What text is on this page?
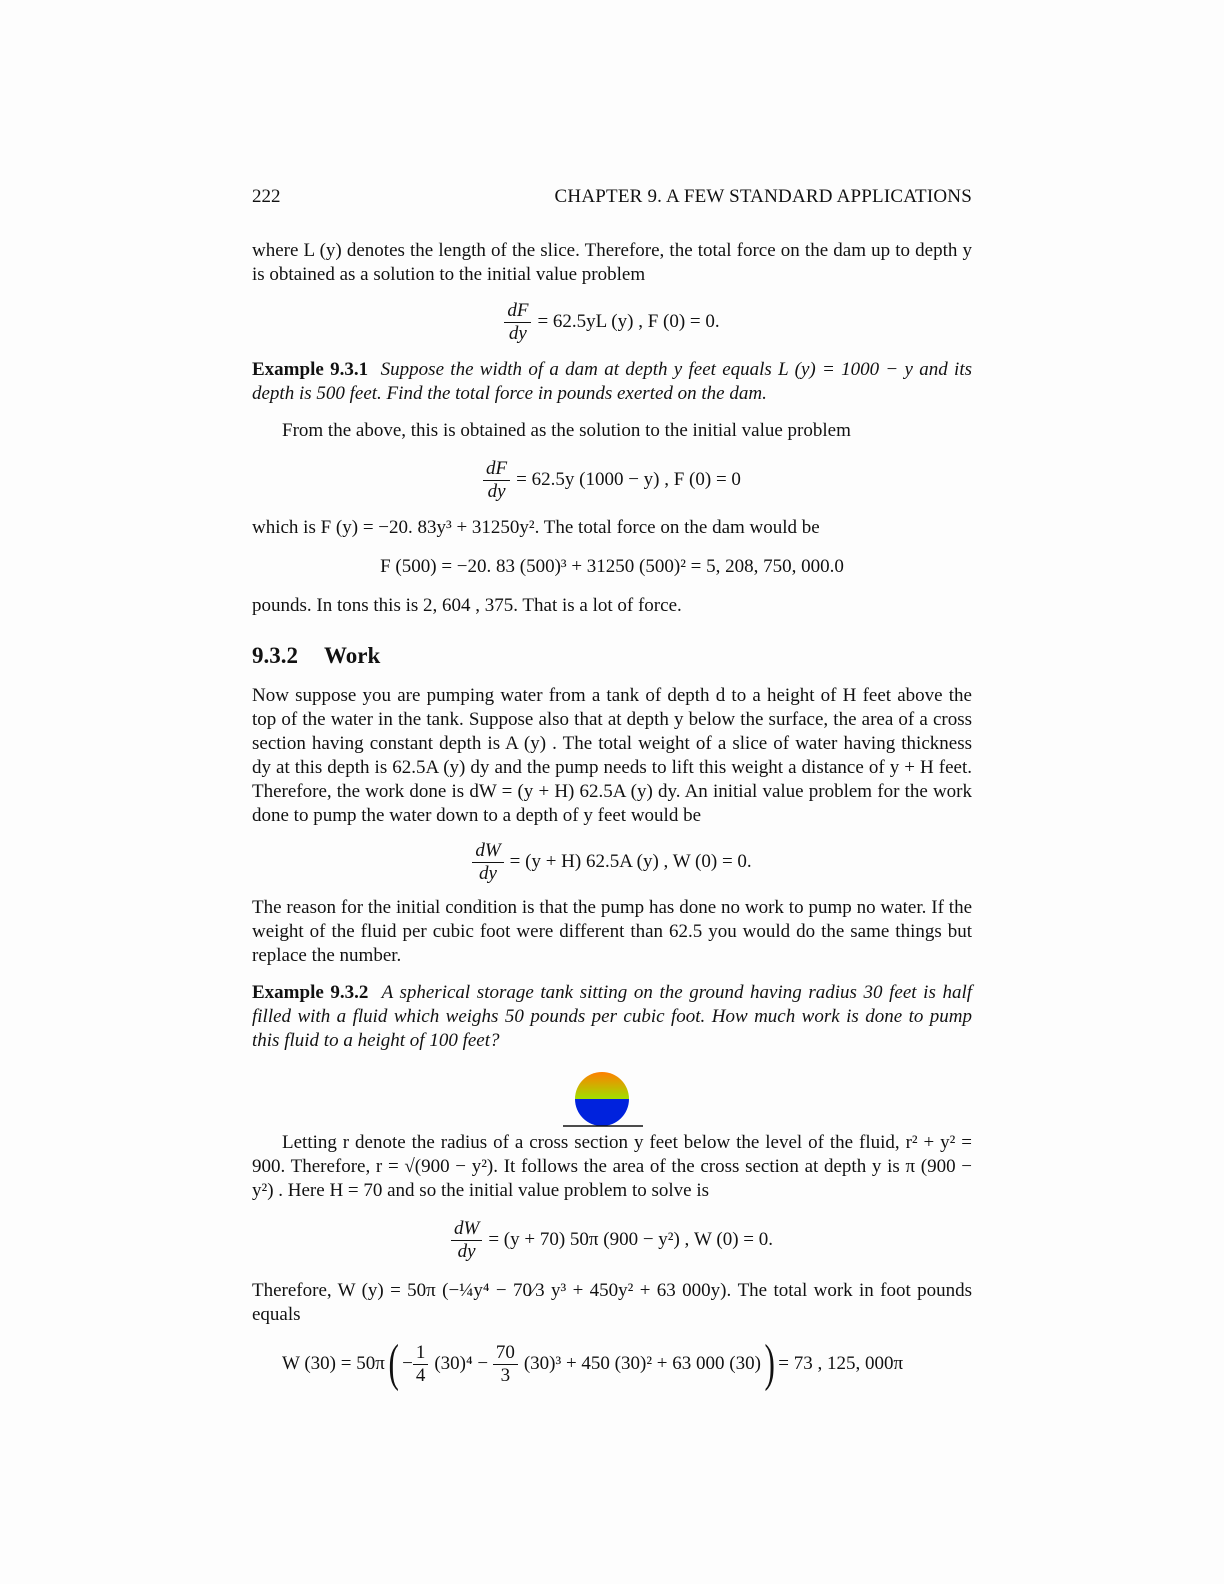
222	CHAPTER 9. A FEW STANDARD APPLICATIONS
where L (y) denotes the length of the slice. Therefore, the total force on the dam up to depth y is obtained as a solution to the initial value problem
$\frac{dF}{dy} = 62.5yL$ (y) , F (0) = 0.
Example 9.3.1 Suppose the width of a dam at depth y feet equals L (y) = 1000 − y and its depth is 500 feet. Find the total force in pounds exerted on the dam.
From the above, this is obtained as the solution to the initial value problem
$\frac{dF}{dy} = 62.5y$ (1000 − y) , F (0) = 0
which is F (y) = −20. 83y³ + 31250y². The total force on the dam would be
F (500) = −20. 83 (500)³ + 31250 (500)² = 5, 208, 750, 000.0
pounds. In tons this is 2, 604 , 375. That is a lot of force.
9.3.2 Work
Now suppose you are pumping water from a tank of depth d to a height of H feet above the top of the water in the tank. Suppose also that at depth y below the surface, the area of a cross section having constant depth is A (y) . The total weight of a slice of water having thickness dy at this depth is 62.5A (y) dy and the pump needs to lift this weight a distance of y + H feet. Therefore, the work done is dW = (y + H) 62.5A (y) dy. An initial value problem for the work done to pump the water down to a depth of y feet would be
$\frac{dW}{dy} = (y + H)$ 62.5A (y) , W (0) = 0.
The reason for the initial condition is that the pump has done no work to pump no water. If the weight of the fluid per cubic foot were different than 62.5 you would do the same things but replace the number.
Example 9.3.2 A spherical storage tank sitting on the ground having radius 30 feet is half filled with a fluid which weighs 50 pounds per cubic foot. How much work is done to pump this fluid to a height of 100 feet?
Letting r denote the radius of a cross section y feet below the level of the fluid, r² + y² = 900. Therefore, r = √(900 − y²). It follows the area of the cross section at depth y is π (900 − y²) . Here H = 70 and so the initial value problem to solve is
$\frac{dW}{dy} = (y + 70)$ 50π (900 − y²) , W (0) = 0.
Therefore, W (y) = 50π (−¼y⁴ − 70⁄3 y³ + 450y² + 63 000y). The total work in foot pounds equals
W (30) = 50π ( − $\frac{1}{4} (30)^4$ −
$\frac{70}{3} (30)^3 + 450$ (30)² + 63 000 (30) ) = 73 , 125, 000π
